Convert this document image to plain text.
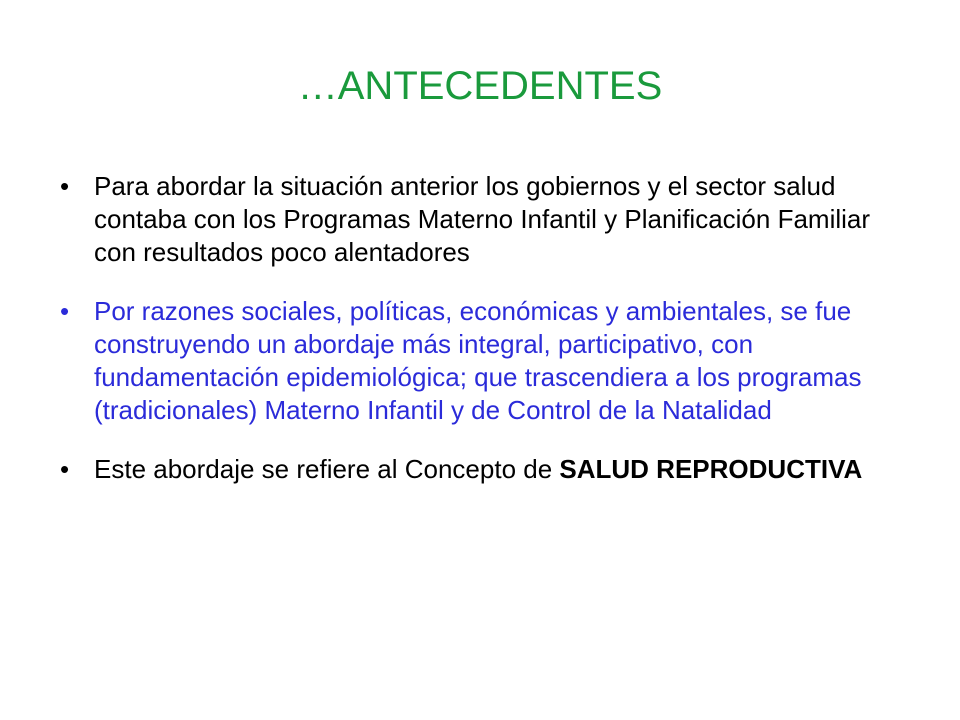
…ANTECEDENTES
• Para abordar la situación anterior los gobiernos y el sector salud contaba con los Programas Materno Infantil y Planificación Familiar con resultados poco alentadores
• Por razones sociales, políticas, económicas y ambientales, se fue construyendo un abordaje más integral, participativo, con fundamentación epidemiológica; que trascendiera a los programas (tradicionales) Materno Infantil y de Control de la Natalidad
• Este abordaje se refiere al Concepto de SALUD REPRODUCTIVA
